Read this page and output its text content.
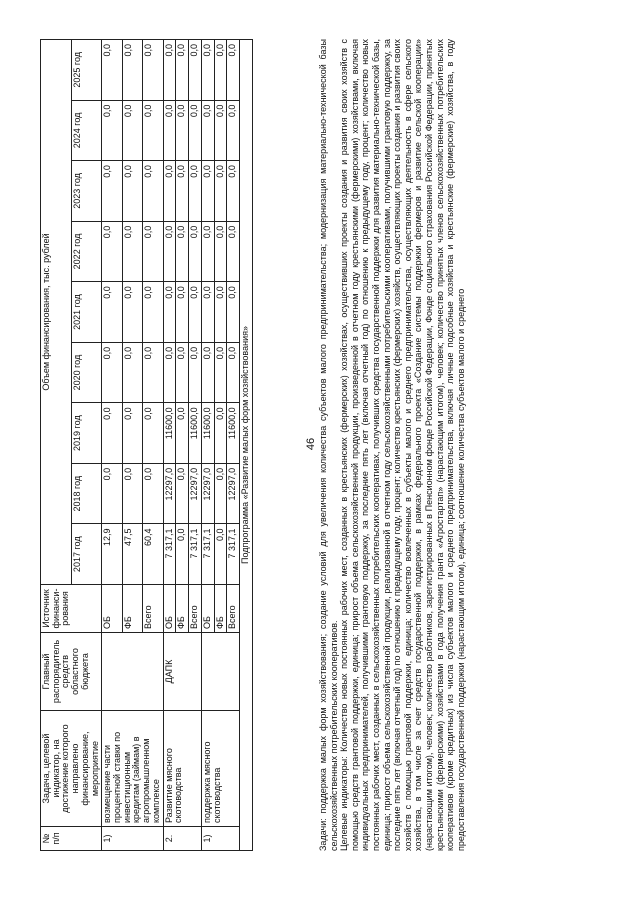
46
№ п/п	Задача, целевой индикатор, на достижение которого направлено финансирование, мероприятие	Главный распорядитель средств областного бюджета	Источник финанси-рования	Объем финансирования, тыс. рублей								
				2017 год	2018 год	2019 год	2020 год	2021 год	2022 год	2023 год	2024 год	2025 год
1)	возмещение части процентной ставки по инвестиционным кредитам (займам) в агропромышленном комплексе		ОБ	12,9	0,0	0,0	0,0	0,0	0,0	0,0	0,0	0,0
			ФБ	47,5	0,0	0,0	0,0	0,0	0,0	0,0	0,0	0,0
			Всего	60,4	0,0	0,0	0,0	0,0	0,0	0,0	0,0	0,0
2.	Развитие мясного скотоводства	ДАПК	ОБ	7 317,1	12297,0	11600,0	0,0	0,0	0,0	0,0	0,0	0,0
			ФБ	0,0	0,0	0,0	0,0	0,0	0,0	0,0	0,0	0,0
			Всего	7 317,1	12297,0	11600,0	0,0	0,0	0,0	0,0	0,0	0,0
1)	поддержка мясного скотоводства		ОБ	7 317,1	12297,0	11600,0	0,0	0,0	0,0	0,0	0,0	0,0
			ФБ	0,0	0,0	0,0	0,0	0,0	0,0	0,0	0,0	0,0
			Всего	7 317,1	12297,0	11600,0	0,0	0,0	0,0	0,0	0,0	0,0
Подпрограмма «Развитие малых форм хозяйствования»													Задачи: поддержка малых форм хозяйствования; создание условий для увеличения количества субъектов малого предпринимательства; модернизация материально-технической базы сельскохозяйственных потребительских кооперативов. Целевые индикаторы: Количество новых постоянных рабочих мест, созданных в крестьянских (фермерских) хозяйствах, осуществивших проекты создания и развития своих хозяйств с помощью средств грантовой поддержки, единица; прирост объема сельскохозяйственной продукции, произведенной в отчетном году крестьянскими (фермерскими) хозяйствами, включая индивидуальных предпринимателей, получившими грантовую поддержку, за последние пять лет (включая отчетный год) по отношению к предыдущему году, процент; количество новых постоянных рабочих мест, созданных в сельскохозяйственных потребительских кооперативах, получивших средства государственной поддержки для развития материально-технической базы, единица; прирост объема сельскохозяйственной продукции, реализованной в отчетном году сельскохозяйственными потребительскими кооперативами, получившими грантовую поддержку, за последние пять лет (включая отчетный год) по отношению к предыдущему году, процент; количество крестьянских (фермерских) хозяйств, осуществляющих проекты создания и развития своих хозяйств с помощью грантовой поддержки, единица; количество вовлеченных в субъекты малого и среднего предпринимательства, осуществляющих деятельность в сфере сельского хозяйства, в том числе за счет средств государственной поддержки, в рамках федерального проекта «Создание системы поддержки фермеров и развитие сельской кооперации» (нарастающим итогом), человек; количество работников, зарегистрированных в Пенсионном фонде Российской Федерации, Фонде социального страхования Российской Федерации, принятых крестьянскими (фермерскими) хозяйствами в года получения гранта «Агростартап» (нарастающим итогом), человек; количество принятых членов сельскохозяйственных потребительских кооперативов (кроме кредитных) из числа субъектов малого и среднего предпринимательства, включая личные подсобные хозяйства и крестьянские (фермерские) хозяйства, в году предоставления государственной поддержки (нарастающим итогом), единица; соотношение количества субъектов малого и среднего
